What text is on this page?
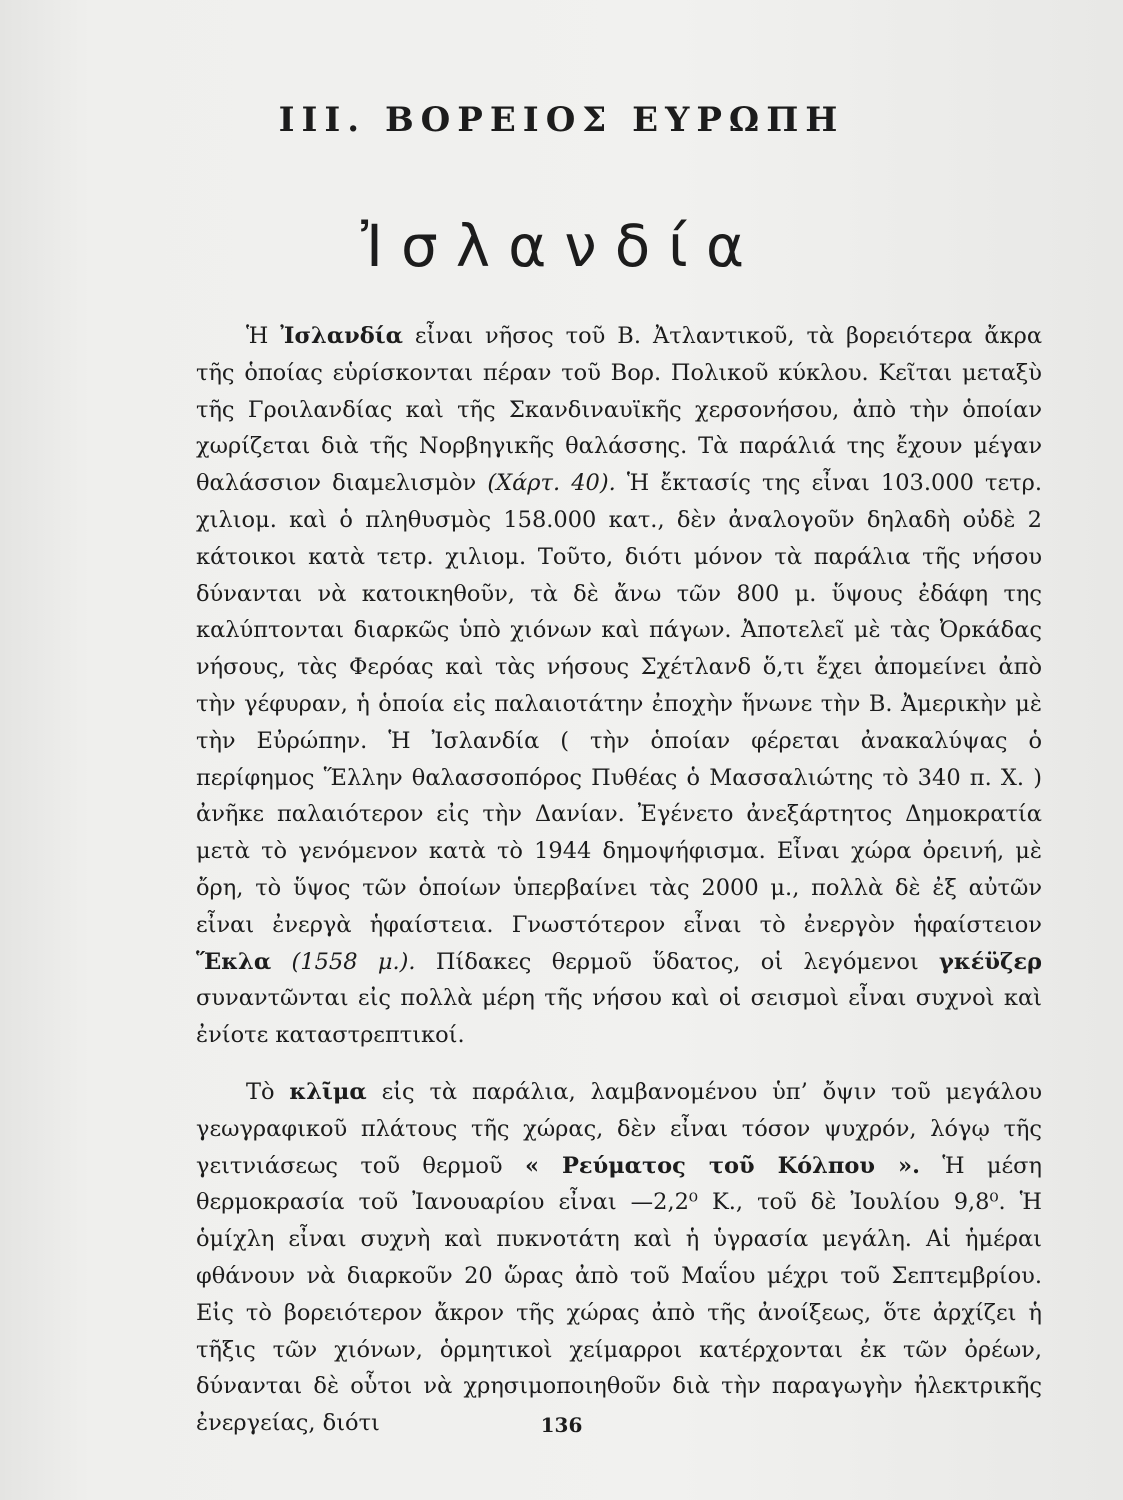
III. ΒΟΡΕΙΟΣ ΕΥΡΩΠΗ
Ἰσλανδία

Ἡ Ἰσλανδία εἶναι νῆσος τοῦ Β. Ἀτλαντικοῦ, τὰ βορειότερα ἄκρα τῆς ὁποίας εὑρίσκονται πέραν τοῦ Βορ. Πολικοῦ κύκλου. Κεῖται μεταξὺ τῆς Γροιλανδίας καὶ τῆς Σκανδιναυϊκῆς χερσονήσου, ἀπὸ τὴν ὁποίαν χωρίζεται διὰ τῆς Νορβηγικῆς θαλάσσης. Τὰ παράλιά της ἔχουν μέγαν θαλάσσιον διαμελισμὸν (Χάρτ. 40). Ἡ ἔκτασίς της εἶναι 103.000 τετρ. χιλιομ. καὶ ὁ πληθυσμὸς 158.000 κατ., δὲν ἀναλογοῦν δηλαδὴ οὐδὲ 2 κάτοικοι κατὰ τετρ. χιλιομ. Τοῦτο, διότι μόνον τὰ παράλια τῆς νήσου δύνανται νὰ κατοικηθοῦν, τὰ δὲ ἄνω τῶν 800 μ. ὕψους ἐδάφη της καλύπτονται διαρκῶς ὑπὸ χιόνων καὶ πάγων. Ἀποτελεῖ μὲ τὰς Ὀρκάδας νήσους, τὰς Φερόας καὶ τὰς νήσους Σχέτλανδ ὅ,τι ἔχει ἀπομείνει ἀπὸ τὴν γέφυραν, ἡ ὁποία εἰς παλαιοτάτην ἐποχὴν ἥνωνε τὴν Β. Ἀμερικὴν μὲ τὴν Εὐρώπην. Ἡ Ἰσλανδία ( τὴν ὁποίαν φέρεται ἀνακαλύψας ὁ περίφημος Ἕλλην θαλασσοπόρος Πυθέας ὁ Μασσαλιώτης τὸ 340 π. Χ. ) ἀνῆκε παλαιότερον εἰς τὴν Δανίαν. Ἐγένετο ἀνεξάρτητος Δημοκρατία μετὰ τὸ γενόμενον κατὰ τὸ 1944 δημοψήφισμα. Εἶναι χώρα ὀρεινή, μὲ ὄρη, τὸ ὕψος τῶν ὁποίων ὑπερβαίνει τὰς 2000 μ., πολλὰ δὲ ἐξ αὐτῶν εἶναι ἐνεργὰ ἡφαίστεια. Γνωστότερον εἶναι τὸ ἐνεργὸν ἡφαίστειον Ἕκλα (1558 μ.). Πίδακες θερμοῦ ὕδατος, οἱ λεγόμενοι γκέϋζερ συναντῶνται εἰς πολλὰ μέρη τῆς νήσου καὶ οἱ σεισμοὶ εἶναι συχνοὶ καὶ ἐνίοτε καταστρεπτικοί.

Τὸ κλῖμα εἰς τὰ παράλια, λαμβανομένου ὑπ’ ὄψιν τοῦ μεγάλου γεωγραφικοῦ πλάτους τῆς χώρας, δὲν εἶναι τόσον ψυχρόν, λόγῳ τῆς γειτνιάσεως τοῦ θερμοῦ « Ρεύματος τοῦ Κόλπου ». Ἡ μέση θερμοκρασία τοῦ Ἰανουαρίου εἶναι —2,2⁰ Κ., τοῦ δὲ Ἰουλίου 9,8⁰. Ἡ ὁμίχλη εἶναι συχνὴ καὶ πυκνοτάτη καὶ ἡ ὑγρασία μεγάλη. Αἱ ἡμέραι φθάνουν νὰ διαρκοῦν 20 ὥρας ἀπὸ τοῦ Μαΐου μέχρι τοῦ Σεπτεμβρίου. Εἰς τὸ βορειότερον ἄκρον τῆς χώρας ἀπὸ τῆς ἀνοίξεως, ὅτε ἀρχίζει ἡ τῆξις τῶν χιόνων, ὁρμητικοὶ χείμαρροι κατέρχονται ἐκ τῶν ὀρέων, δύνανται δὲ οὗτοι νὰ χρησιμοποιηθοῦν διὰ τὴν παραγωγὴν ἠλεκτρικῆς ἐνεργείας, διότι	136
